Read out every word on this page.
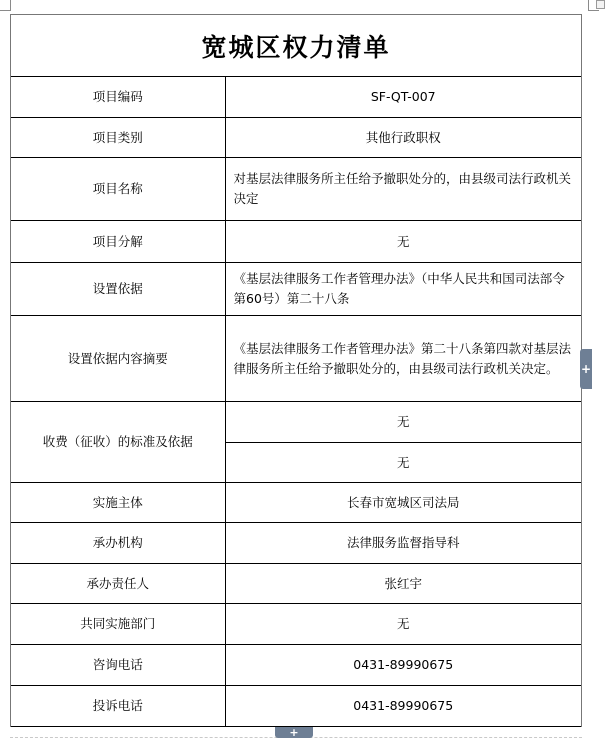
宽城区权力清单
项目编码	SF-QT-007
项目类别	其他行政职权
项目名称	对基层法律服务所主任给予撤职处分的，由县级司法行政机关决定
项目分解	无
设置依据	《基层法律服务工作者管理办法》（中华人民共和国司法部令第60号）第二十八条
设置依据内容摘要	《基层法律服务工作者管理办法》第二十八条第四款对基层法律服务所主任给予撤职处分的，由县级司法行政机关决定。
收费（征收）的标准及依据	无
	无
实施主体	长春市宽城区司法局
承办机构	法律服务监督指导科
承办责任人	张红宇
共同实施部门	无
咨询电话	0431-89990675
投诉电话	0431-89990675
+
+
